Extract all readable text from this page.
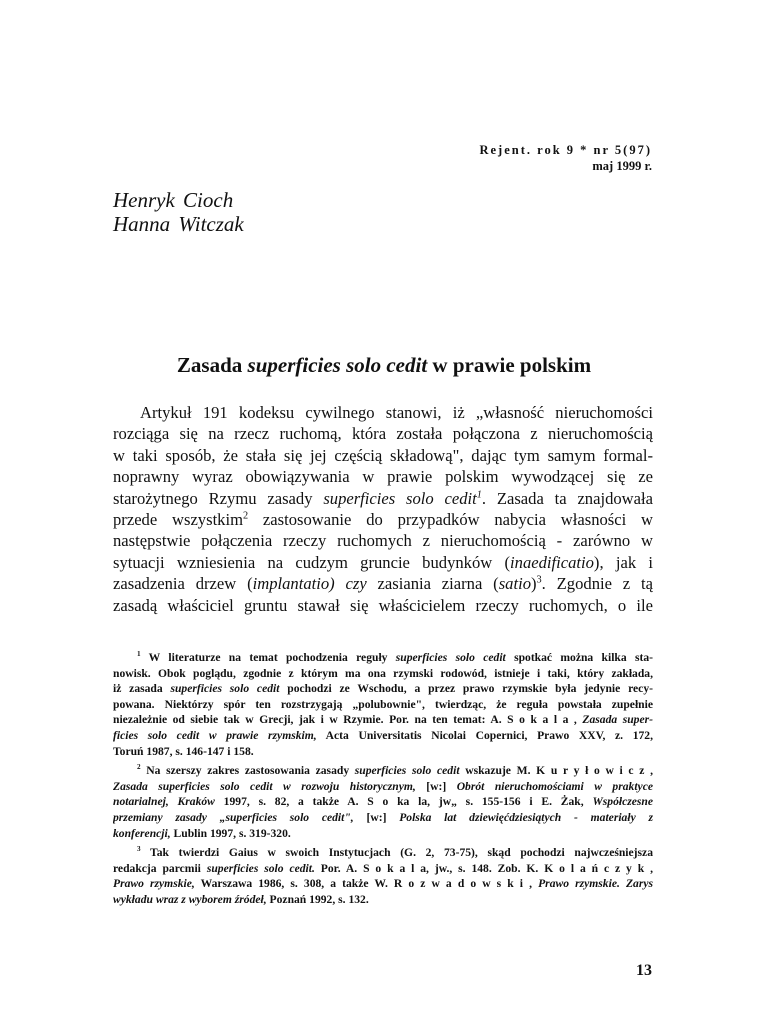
Rejent. rok 9 * nr 5(97)
maj 1999 r.
Henryk Cioch
Hanna Witczak
Zasada superficies solo cedit w prawie polskim
Artykuł 191 kodeksu cywilnego stanowi, iż „własność nieruchomości
rozciąga się na rzecz ruchomą, która została połączona z nieruchomością
w taki sposób, że stała się jej częścią składową", dając tym samym formal-
noprawny wyraz obowiązywania w prawie polskim wywodzącej się ze
starożytnego Rzymu zasady superficies solo cedit$^1$. Zasada ta znajdowała
przede wszystkim$^2$ zastosowanie do przypadków nabycia własności w
następstwie połączenia rzeczy ruchomych z nieruchomością - zarówno w
sytuacji wzniesienia na cudzym gruncie budynków (inaedificatio), jak i
zasadzenia drzew (implantatio) czy zasiania ziarna (satio)$^3$. Zgodnie z tą
zasadą właściciel gruntu stawał się właścicielem rzeczy ruchomych, o ile
$^1$ W literaturze na temat pochodzenia reguły superficies solo cedit spotkać można kilka sta-
nowisk. Obok poglądu, zgodnie z którym ma ona rzymski rodowód, istnieje i taki, który zakłada,
iż zasada superficies solo cedit pochodzi ze Wschodu, a przez prawo rzymskie była jedynie recy-
powana. Niektórzy spór ten rozstrzygają „polubownie", twierdząc, że reguła powstała zupełnie
niezależnie od siebie tak w Grecji, jak i w Rzymie. Por. na ten temat: A. S o k a l a , Zasada super-
ficies solo cedit w prawie rzymskim, Acta Universitatis Nicolai Copernici, Prawo XXV, z. 172,
Toruń 1987, s. 146-147 i 158.
$^2$ Na szerszy zakres zastosowania zasady superficies solo cedit wskazuje M. K u r y ł o w i c z ,
Zasada superficies solo cedit w rozwoju historycznym, [w:] Obrót nieruchomościami w praktyce
notarialnej, Kraków 1997, s. 82, a także A. S o ka la, jw„ s. 155-156 i E. Żak, Współczesne
przemiany zasady „superficies solo cedit", [w:] Polska lat dziewięćdziesiątych - materiały z
konferencji, Lublin 1997, s. 319-320.
$^3$ Tak twierdzi Gaius w swoich Instytucjach (G. 2, 73-75), skąd pochodzi najwcześniejsza
redakcja parcmii superficies solo cedit. Por. A. S o k a l a, jw., s. 148. Zob. K. K o l a ń c z y k ,
Prawo rzymskie, Warszawa 1986, s. 308, a także W. R o z w a d o w s k i , Prawo rzymskie. Zarys
wykładu wraz z wyborem źródeł, Poznań 1992, s. 132.
13
